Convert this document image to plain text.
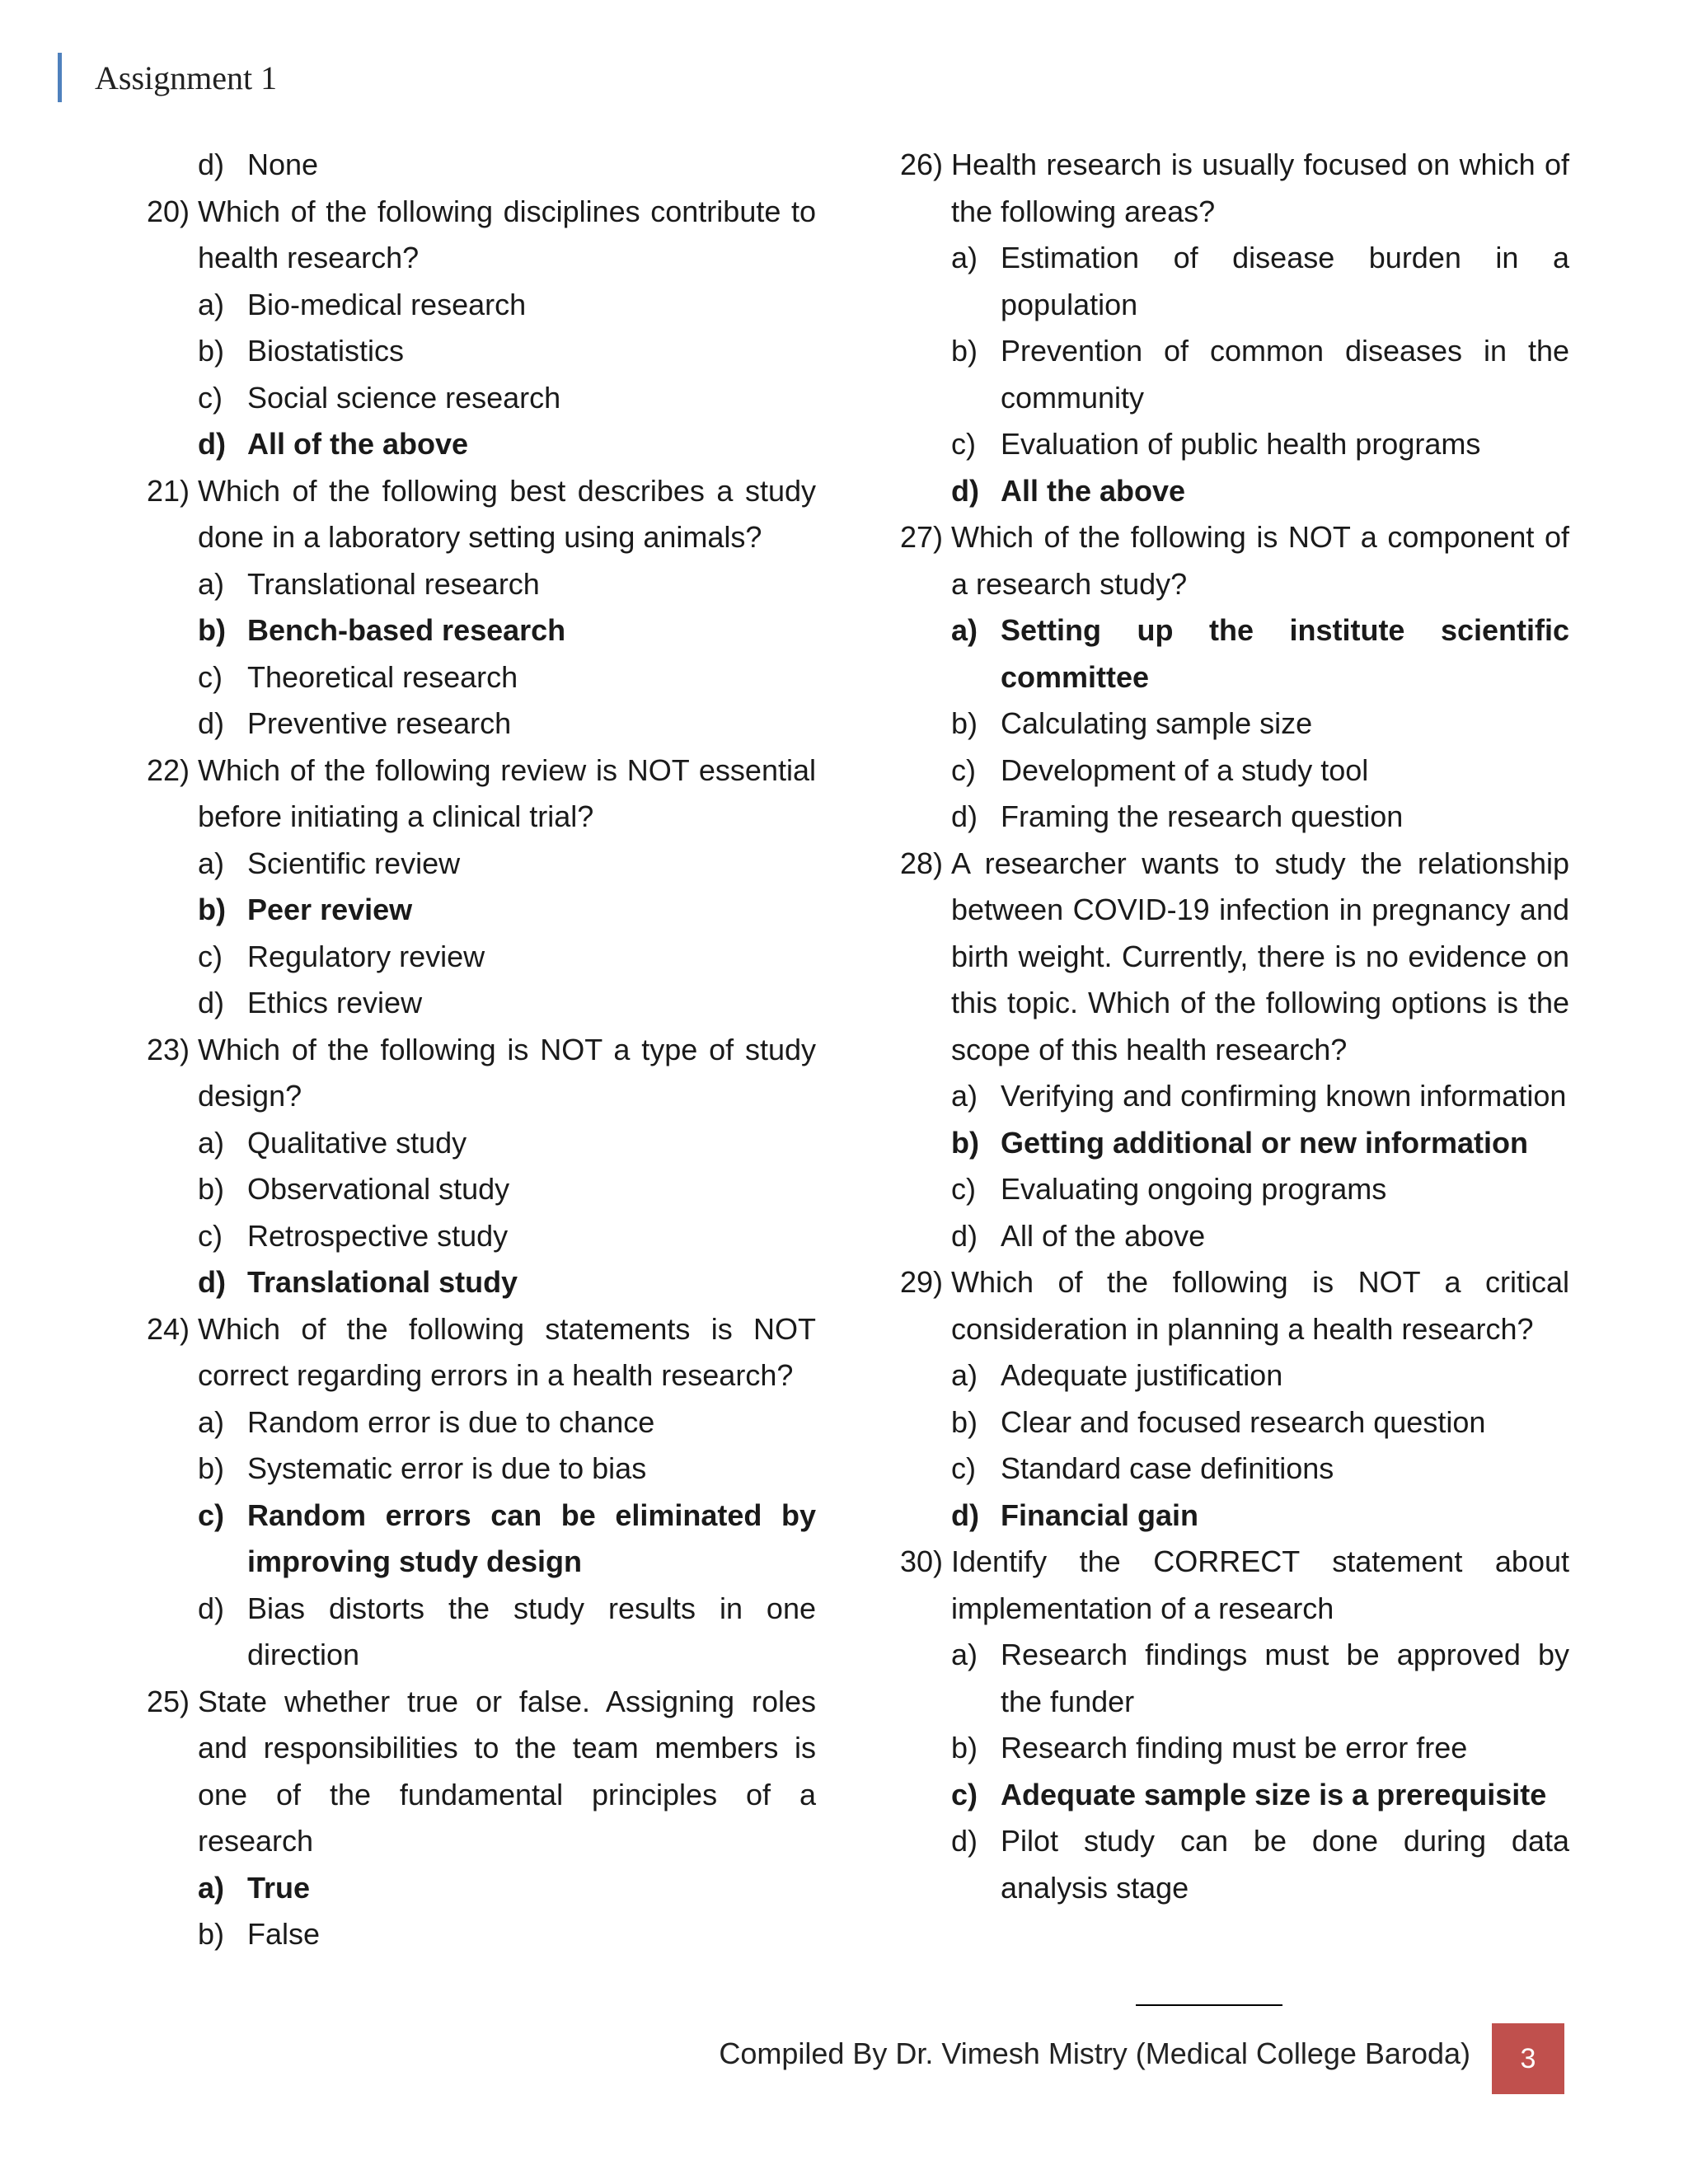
Assignment 1
d) None
20) Which of the following disciplines contribute to health research?
a) Bio-medical research
b) Biostatistics
c) Social science research
d) All of the above
21) Which of the following best describes a study done in a laboratory setting using animals?
a) Translational research
b) Bench-based research
c) Theoretical research
d) Preventive research
22) Which of the following review is NOT essential before initiating a clinical trial?
a) Scientific review
b) Peer review
c) Regulatory review
d) Ethics review
23) Which of the following is NOT a type of study design?
a) Qualitative study
b) Observational study
c) Retrospective study
d) Translational study
24) Which of the following statements is NOT correct regarding errors in a health research?
a) Random error is due to chance
b) Systematic error is due to bias
c) Random errors can be eliminated by improving study design
d) Bias distorts the study results in one direction
25) State whether true or false. Assigning roles and responsibilities to the team members is one of the fundamental principles of a research
a) True
b) False
26) Health research is usually focused on which of the following areas?
a) Estimation of disease burden in a population
b) Prevention of common diseases in the community
c) Evaluation of public health programs
d) All the above
27) Which of the following is NOT a component of a research study?
a) Setting up the institute scientific committee
b) Calculating sample size
c) Development of a study tool
d) Framing the research question
28) A researcher wants to study the relationship between COVID-19 infection in pregnancy and birth weight. Currently, there is no evidence on this topic. Which of the following options is the scope of this health research?
a) Verifying and confirming known information
b) Getting additional or new information
c) Evaluating ongoing programs
d) All of the above
29) Which of the following is NOT a critical consideration in planning a health research?
a) Adequate justification
b) Clear and focused research question
c) Standard case definitions
d) Financial gain
30) Identify the CORRECT statement about implementation of a research
a) Research findings must be approved by the funder
b) Research finding must be error free
c) Adequate sample size is a prerequisite
d) Pilot study can be done during data analysis stage
Compiled By Dr. Vimesh Mistry (Medical College Baroda)	3
